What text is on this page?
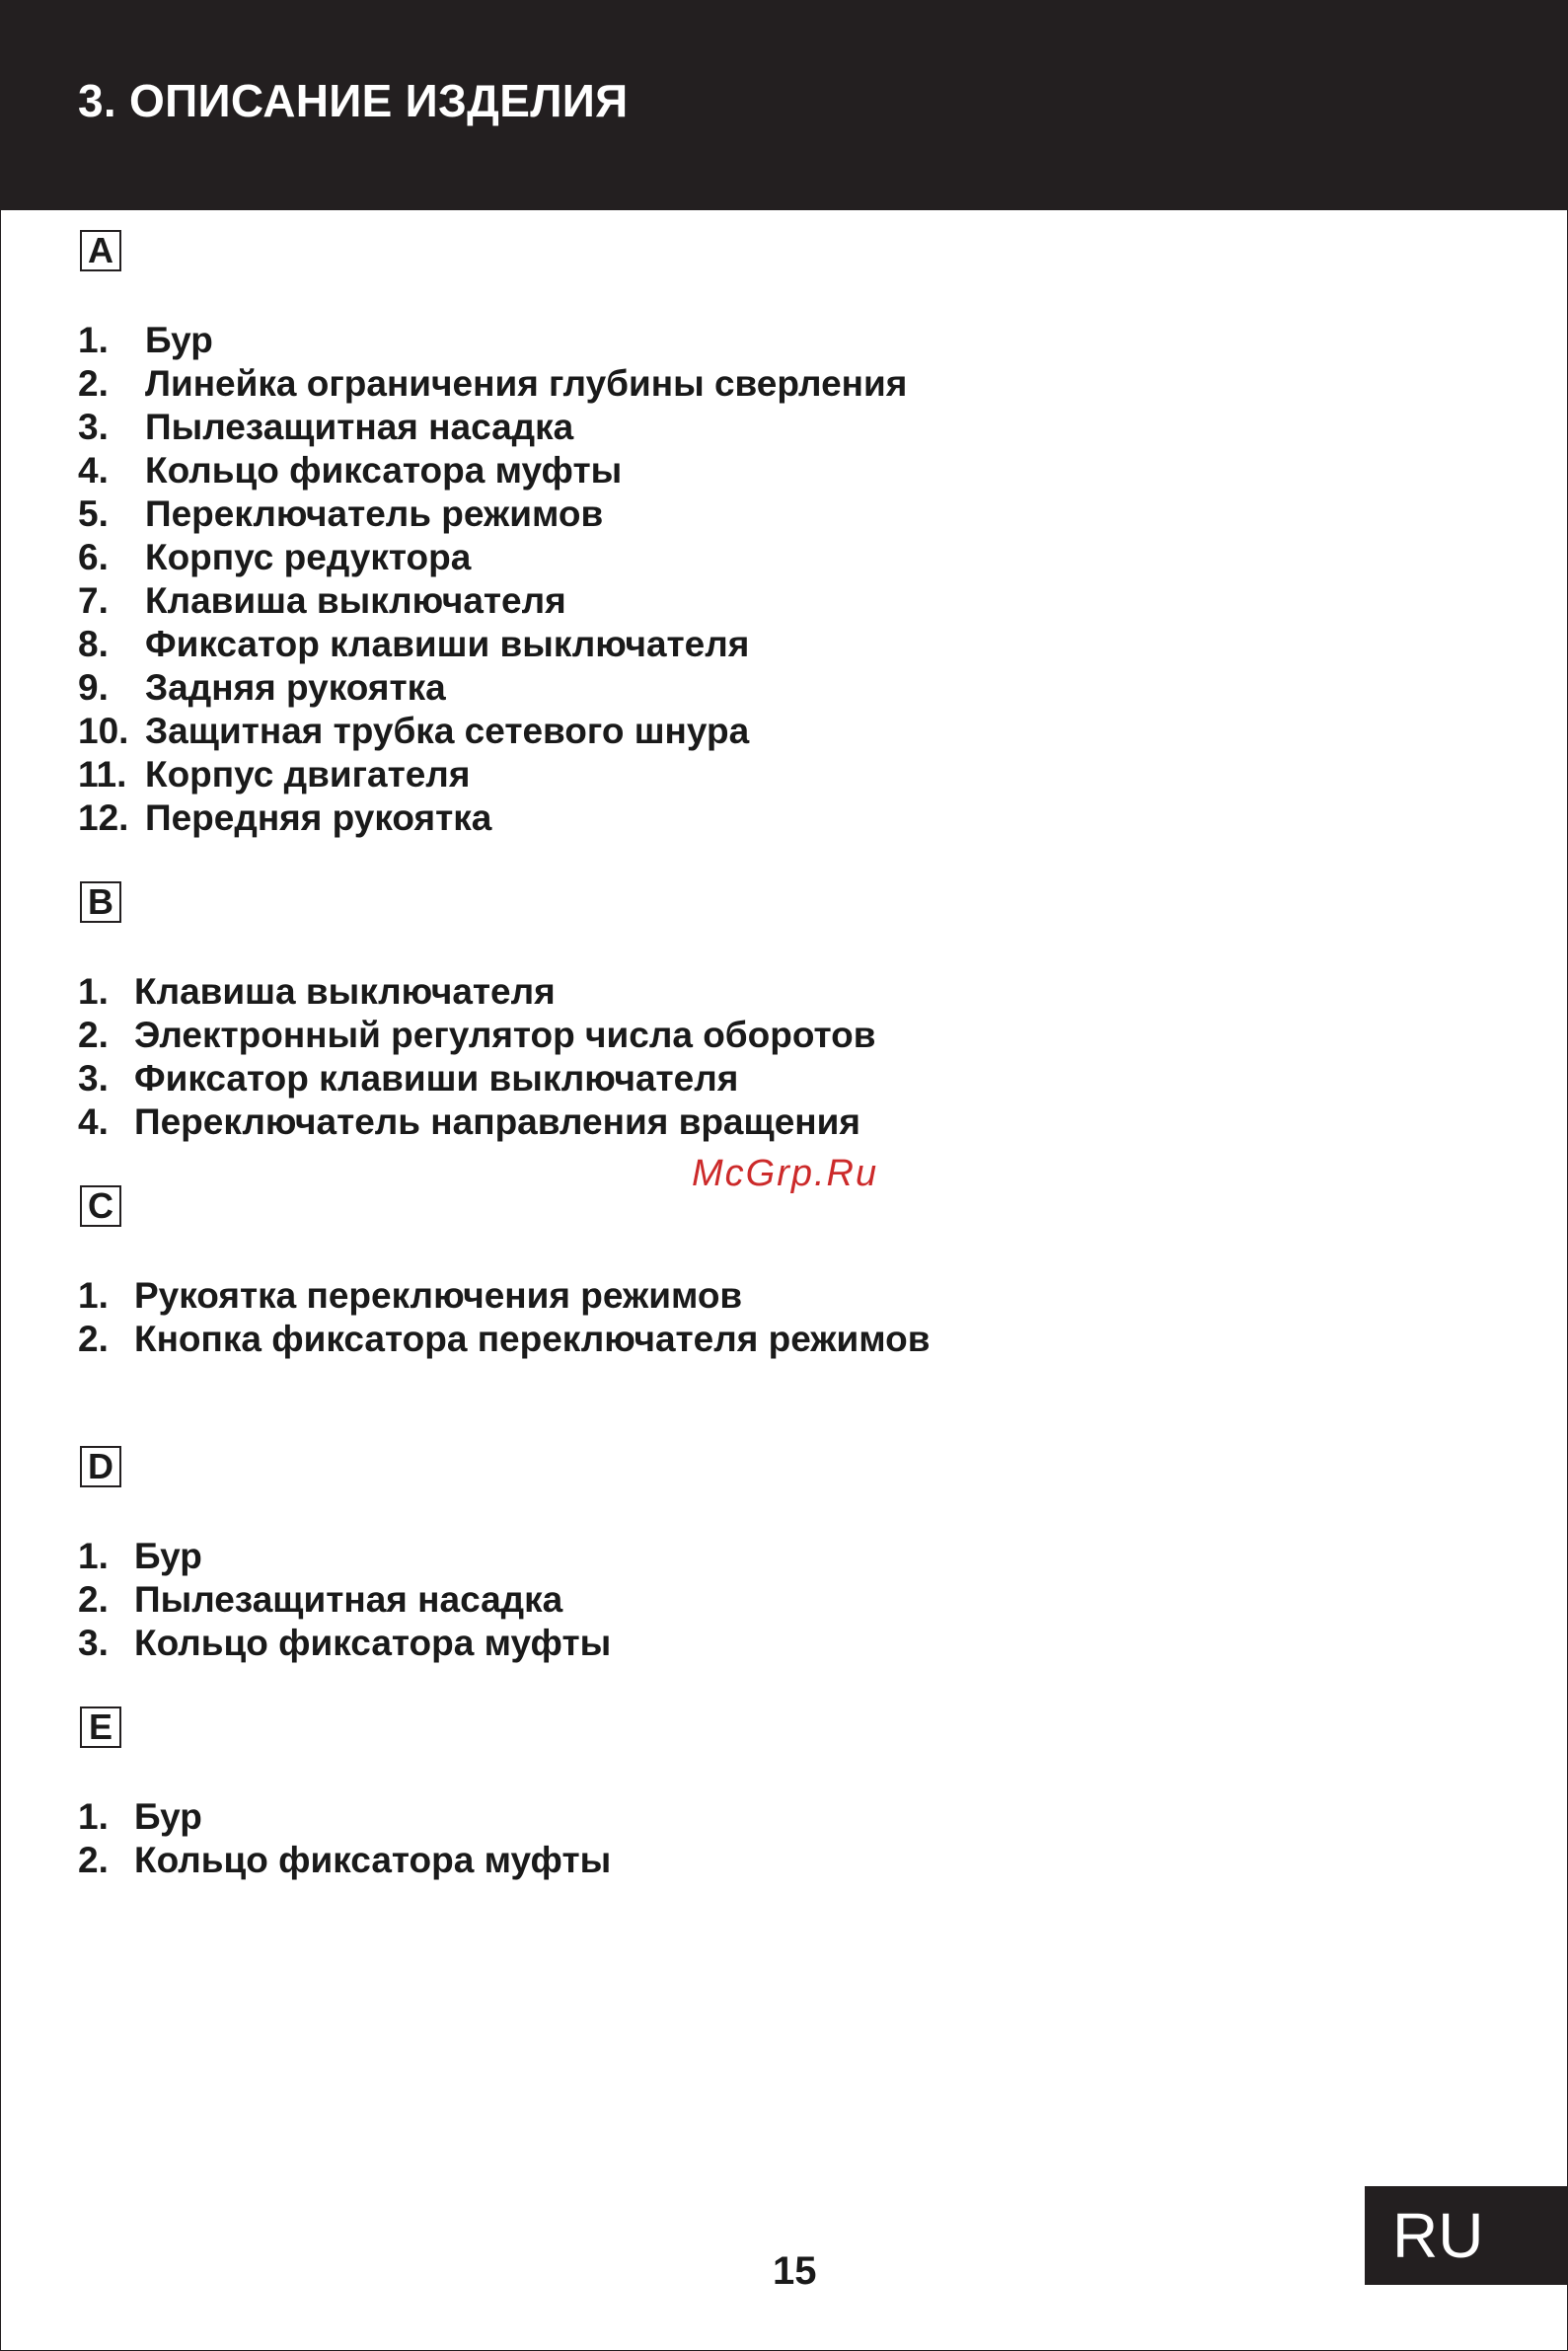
3. ОПИСАНИЕ ИЗДЕЛИЯ
A
1.	Бур
2.	Линейка ограничения глубины сверления
3.	Пылезащитная насадка
4.	Кольцо фиксатора муфты
5.	Переключатель режимов
6.	Корпус редуктора
7.	Клавиша выключателя
8.	Фиксатор клавиши выключателя
9.	Задняя рукоятка
10. Защитная трубка сетевого шнура
11. Корпус двигателя
12. Передняя рукоятка
B
1. Клавиша выключателя
2. Электронный регулятор числа оборотов
3. Фиксатор клавиши выключателя
4. Переключатель направления вращения
McGrp.Ru
C
1. Рукоятка переключения режимов
2. Кнопка фиксатора переключателя режимов
D
1. Бур
2. Пылезащитная насадка
3. Кольцо фиксатора муфты
E
1. Бур
2. Кольцо фиксатора муфты
15	RU
